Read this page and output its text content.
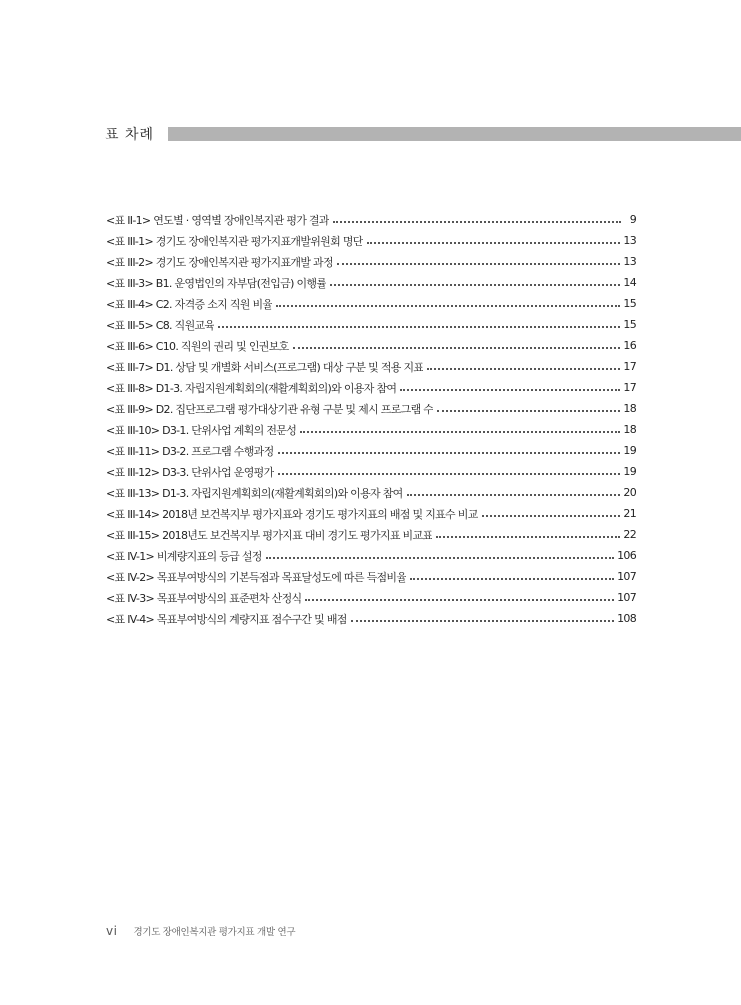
표 차례
<표 II-1> 연도별 · 영역별 장애인복지관 평가 결과	9
<표 III-1> 경기도 장애인복지관 평가지표개발위원회 명단	13
<표 III-2> 경기도 장애인복지관 평가지표개발 과정	13
<표 III-3> B1. 운영법인의 자부담(전입금) 이행률	14
<표 III-4> C2. 자격증 소지 직원 비율	15
<표 III-5> C8. 직원교육	15
<표 III-6> C10. 직원의 권리 및 인권보호	16
<표 III-7> D1. 상담 및 개별화 서비스(프로그램) 대상 구분 및 적용 지표	17
<표 III-8> D1-3. 자립지원계획회의(재활계획회의)와 이용자 참여	17
<표 III-9> D2. 집단프로그램 평가대상기관 유형 구분 및 제시 프로그램 수	18
<표 III-10> D3-1. 단위사업 계획의 전문성	18
<표 III-11> D3-2. 프로그램 수행과정	19
<표 III-12> D3-3. 단위사업 운영평가	19
<표 III-13> D1-3. 자립지원계획회의(재활계획회의)와 이용자 참여	20
<표 III-14> 2018년 보건복지부 평가지표와 경기도 평가지표의 배점 및 지표수 비교	21
<표 III-15> 2018년도 보건복지부 평가지표 대비 경기도 평가지표 비교표	22
<표 IV-1> 비계량지표의 등급 설정	106
<표 IV-2> 목표부여방식의 기본득점과 목표달성도에 따른 득점비율	107
<표 IV-3> 목표부여방식의 표준편차 산정식	107
<표 IV-4> 목표부여방식의 계량지표 점수구간 및 배점	108
vi 경기도 장애인복지관 평가지표 개발 연구
